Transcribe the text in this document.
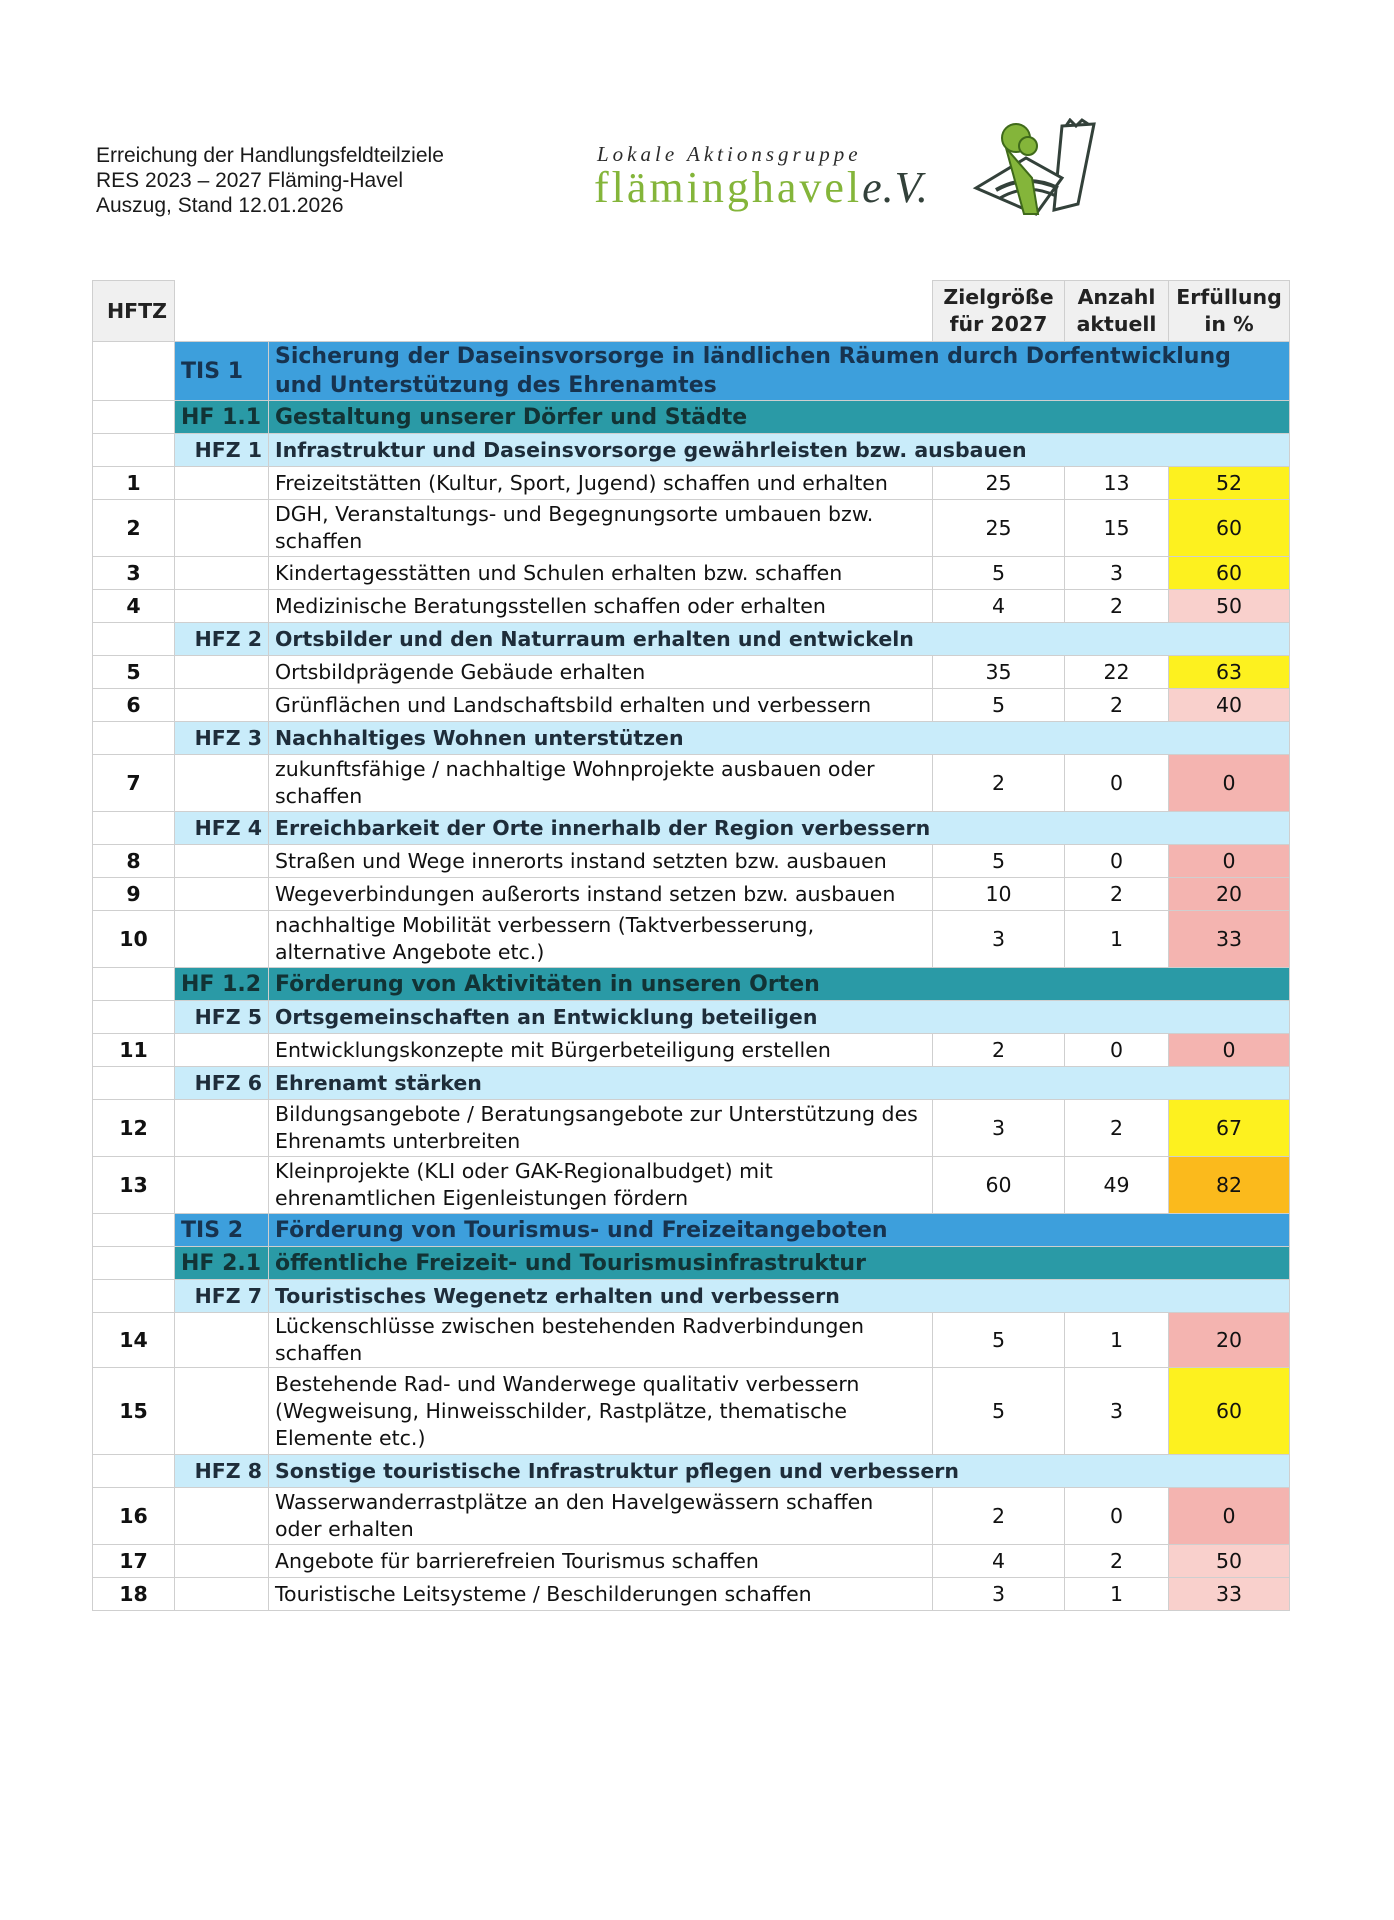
Erreichung der Handlungsfeldteilziele
RES 2023 – 2027 Fläming-Havel
Auszug, Stand 12.01.2026
Lokale Aktionsgruppe
fläminghavele.V.
HFTZ			Zielgröße für 2027	Anzahl aktuell	Erfüllung in %
	TIS 1	Sicherung der Daseinsvorsorge in ländlichen Räumen durch Dorfentwicklung und Unterstützung des Ehrenamtes			
	HF 1.1	Gestaltung unserer Dörfer und Städte			
	HFZ 1	Infrastruktur und Daseinsvorsorge gewährleisten bzw. ausbauen			
1		Freizeitstätten (Kultur, Sport, Jugend) schaffen und erhalten	25	13	52
2		DGH, Veranstaltungs- und Begegnungsorte umbauen bzw. schaffen	25	15	60
3		Kindertagesstätten und Schulen erhalten bzw. schaffen	5	3	60
4		Medizinische Beratungsstellen schaffen oder erhalten	4	2	50
	HFZ 2	Ortsbilder und den Naturraum erhalten und entwickeln			
5		Ortsbildprägende Gebäude erhalten	35	22	63
6		Grünflächen und Landschaftsbild erhalten und verbessern	5	2	40
	HFZ 3	Nachhaltiges Wohnen unterstützen			
7		zukunftsfähige / nachhaltige Wohnprojekte ausbauen oder schaffen	2	0	0
	HFZ 4	Erreichbarkeit der Orte innerhalb der Region verbessern			
8		Straßen und Wege innerorts instand setzten bzw. ausbauen	5	0	0
9		Wegeverbindungen außerorts instand setzen bzw. ausbauen	10	2	20
10		nachhaltige Mobilität verbessern (Taktverbesserung, alternative Angebote etc.)	3	1	33
	HF 1.2	Förderung von Aktivitäten in unseren Orten			
	HFZ 5	Ortsgemeinschaften an Entwicklung beteiligen			
11		Entwicklungskonzepte mit Bürgerbeteiligung erstellen	2	0	0
	HFZ 6	Ehrenamt stärken			
12		Bildungsangebote / Beratungsangebote zur Unterstützung des Ehrenamts unterbreiten	3	2	67
13		Kleinprojekte (KLI oder GAK-Regionalbudget) mit ehrenamtlichen Eigenleistungen fördern	60	49	82
	TIS 2	Förderung von Tourismus- und Freizeitangeboten			
	HF 2.1	öffentliche Freizeit- und Tourismusinfrastruktur			
	HFZ 7	Touristisches Wegenetz erhalten und verbessern			
14		Lückenschlüsse zwischen bestehenden Radverbindungen schaffen	5	1	20
15		Bestehende Rad- und Wanderwege qualitativ verbessern (Wegweisung, Hinweisschilder, Rastplätze, thematische Elemente etc.)	5	3	60
	HFZ 8	Sonstige touristische Infrastruktur pflegen und verbessern			
16		Wasserwanderrastplätze an den Havelgewässern schaffen oder erhalten	2	0	0
17		Angebote für barrierefreien Tourismus schaffen	4	2	50
18		Touristische Leitsysteme / Beschilderungen schaffen	3	1	33
